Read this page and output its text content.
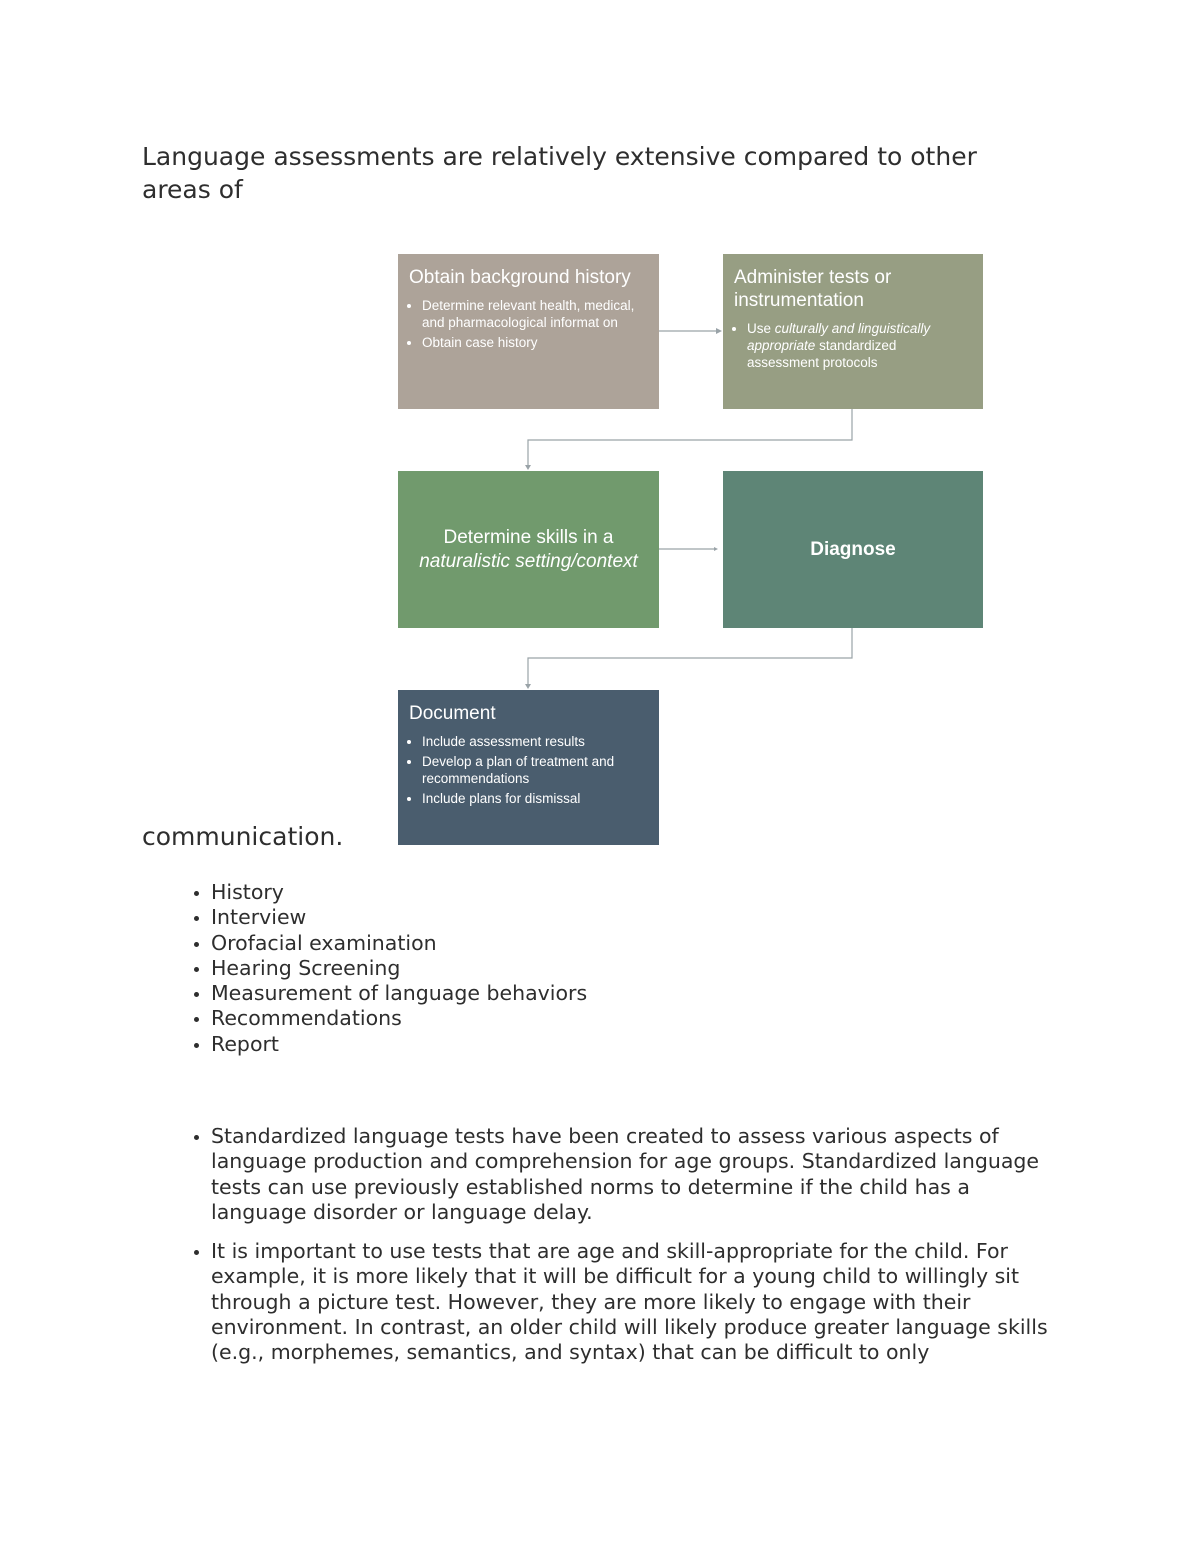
Language assessments are relatively extensive compared to other areas of

Obtain background history

• Determine relevant health, medical, and pharmacological informat on
• Obtain case history

Administer tests or instrumentation

• Use culturally and linguistically appropriate standardized assessment protocols
Determine skills in a
naturalistic setting/context
Diagnose

Document

• Include assessment results
• Develop a plan of treatment and recommendations
• Include plans for dismissal

communication.

• History
• Interview
• Orofacial examination
• Hearing Screening
• Measurement of language behaviors
• Recommendations
• Report
• Standardized language tests have been created to assess various aspects of language production and comprehension for age groups. Standardized language tests can use previously established norms to determine if the child has a language disorder or language delay.
• It is important to use tests that are age and skill-appropriate for the child. For example, it is more likely that it will be difficult for a young child to willingly sit through a picture test. However, they are more likely to engage with their environment. In contrast, an older child will likely produce greater language skills (e.g., morphemes, semantics, and syntax) that can be difficult to only
